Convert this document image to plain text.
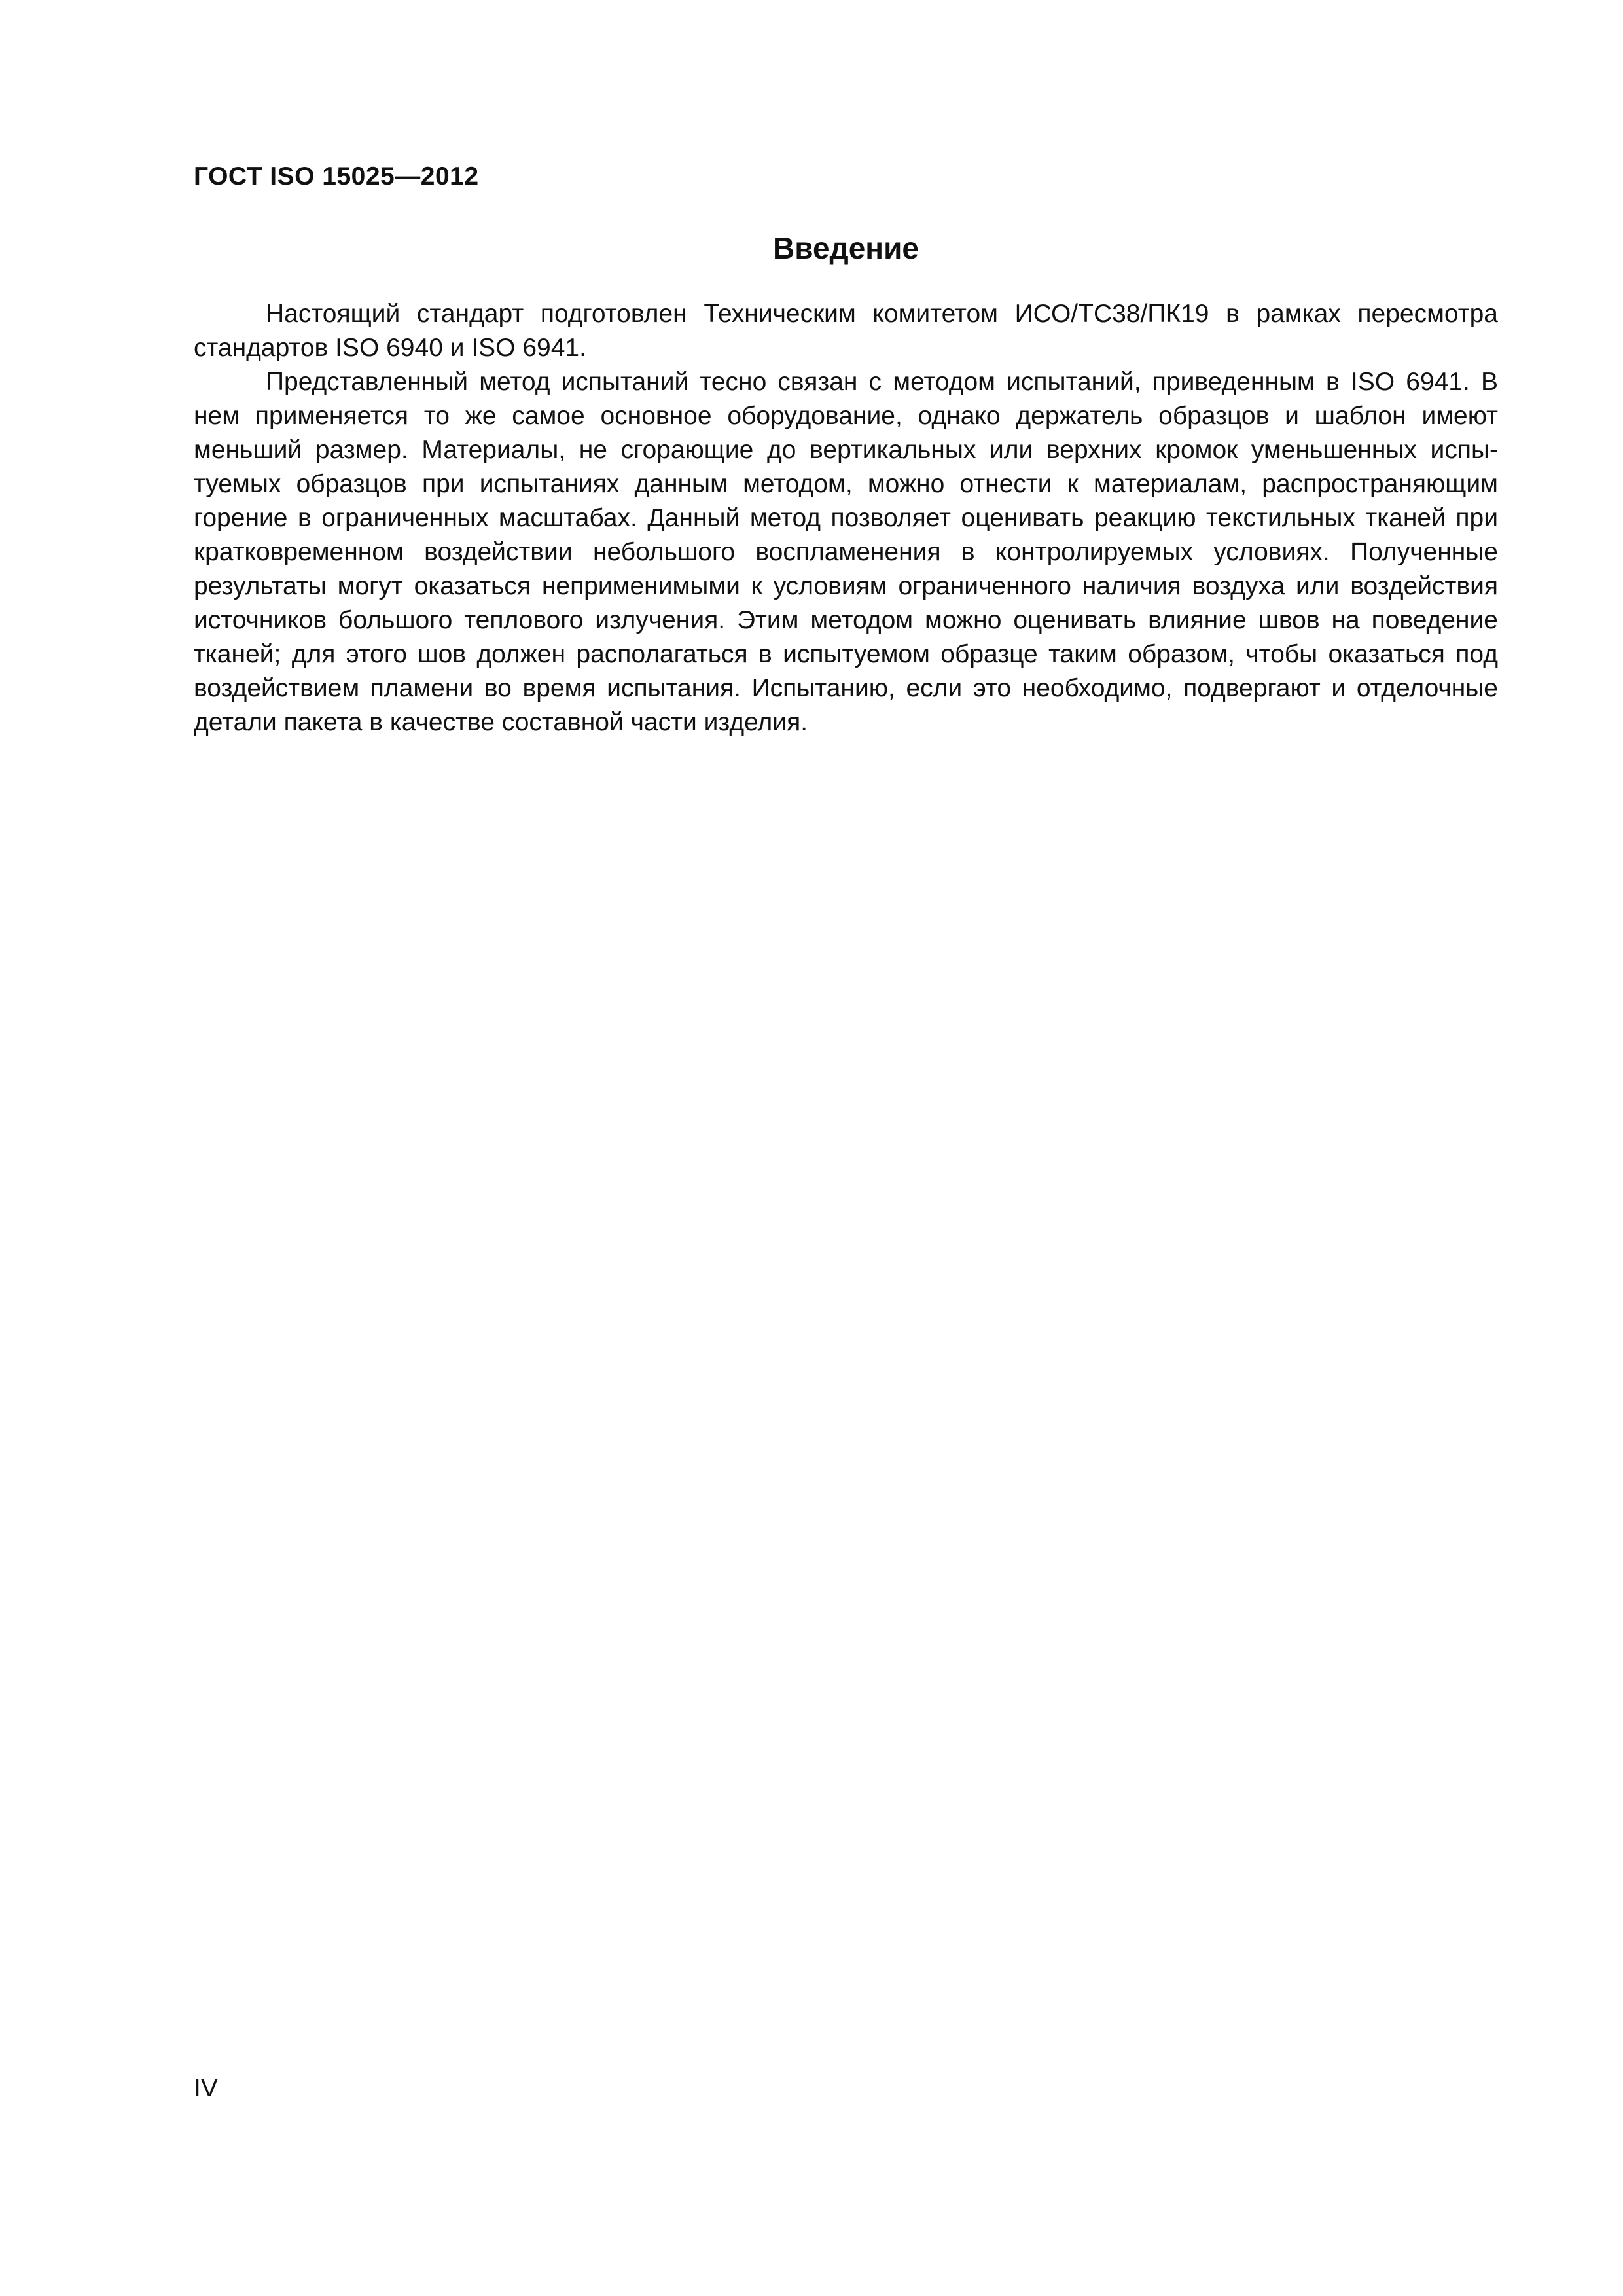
ГОСТ ISO 15025—2012
Введение

Настоящий стандарт подготовлен Техническим комитетом ИСО/ТС38/ПК19 в рамках пересмотра стандартов ISO 6940 и ISO 6941.

Представленный метод испытаний тесно связан с методом испытаний, приведенным в ISO 6941. В нем применяется то же самое основное оборудование, однако держатель образцов и шаблон имеют меньший размер. Материалы, не сгорающие до вертикальных или верхних кромок уменьшенных испытуемых образцов при испытаниях данным методом, можно отнести к материалам, распространяющим горение в ограниченных масштабах. Данный метод позволяет оценивать реакцию текстильных тканей при кратковременном воздействии небольшого воспламенения в контролируемых условиях. Полученные результаты могут оказаться неприменимыми к условиям ограниченного наличия воздуха или воздействия источников большого теплового излучения. Этим методом можно оценивать влияние швов на поведение тканей; для этого шов должен располагаться в испытуемом образце таким образом, чтобы оказаться под воздействием пламени во время испытания. Испытанию, если это необходимо, подвергают и отделочные детали пакета в качестве составной части изделия.

IV
